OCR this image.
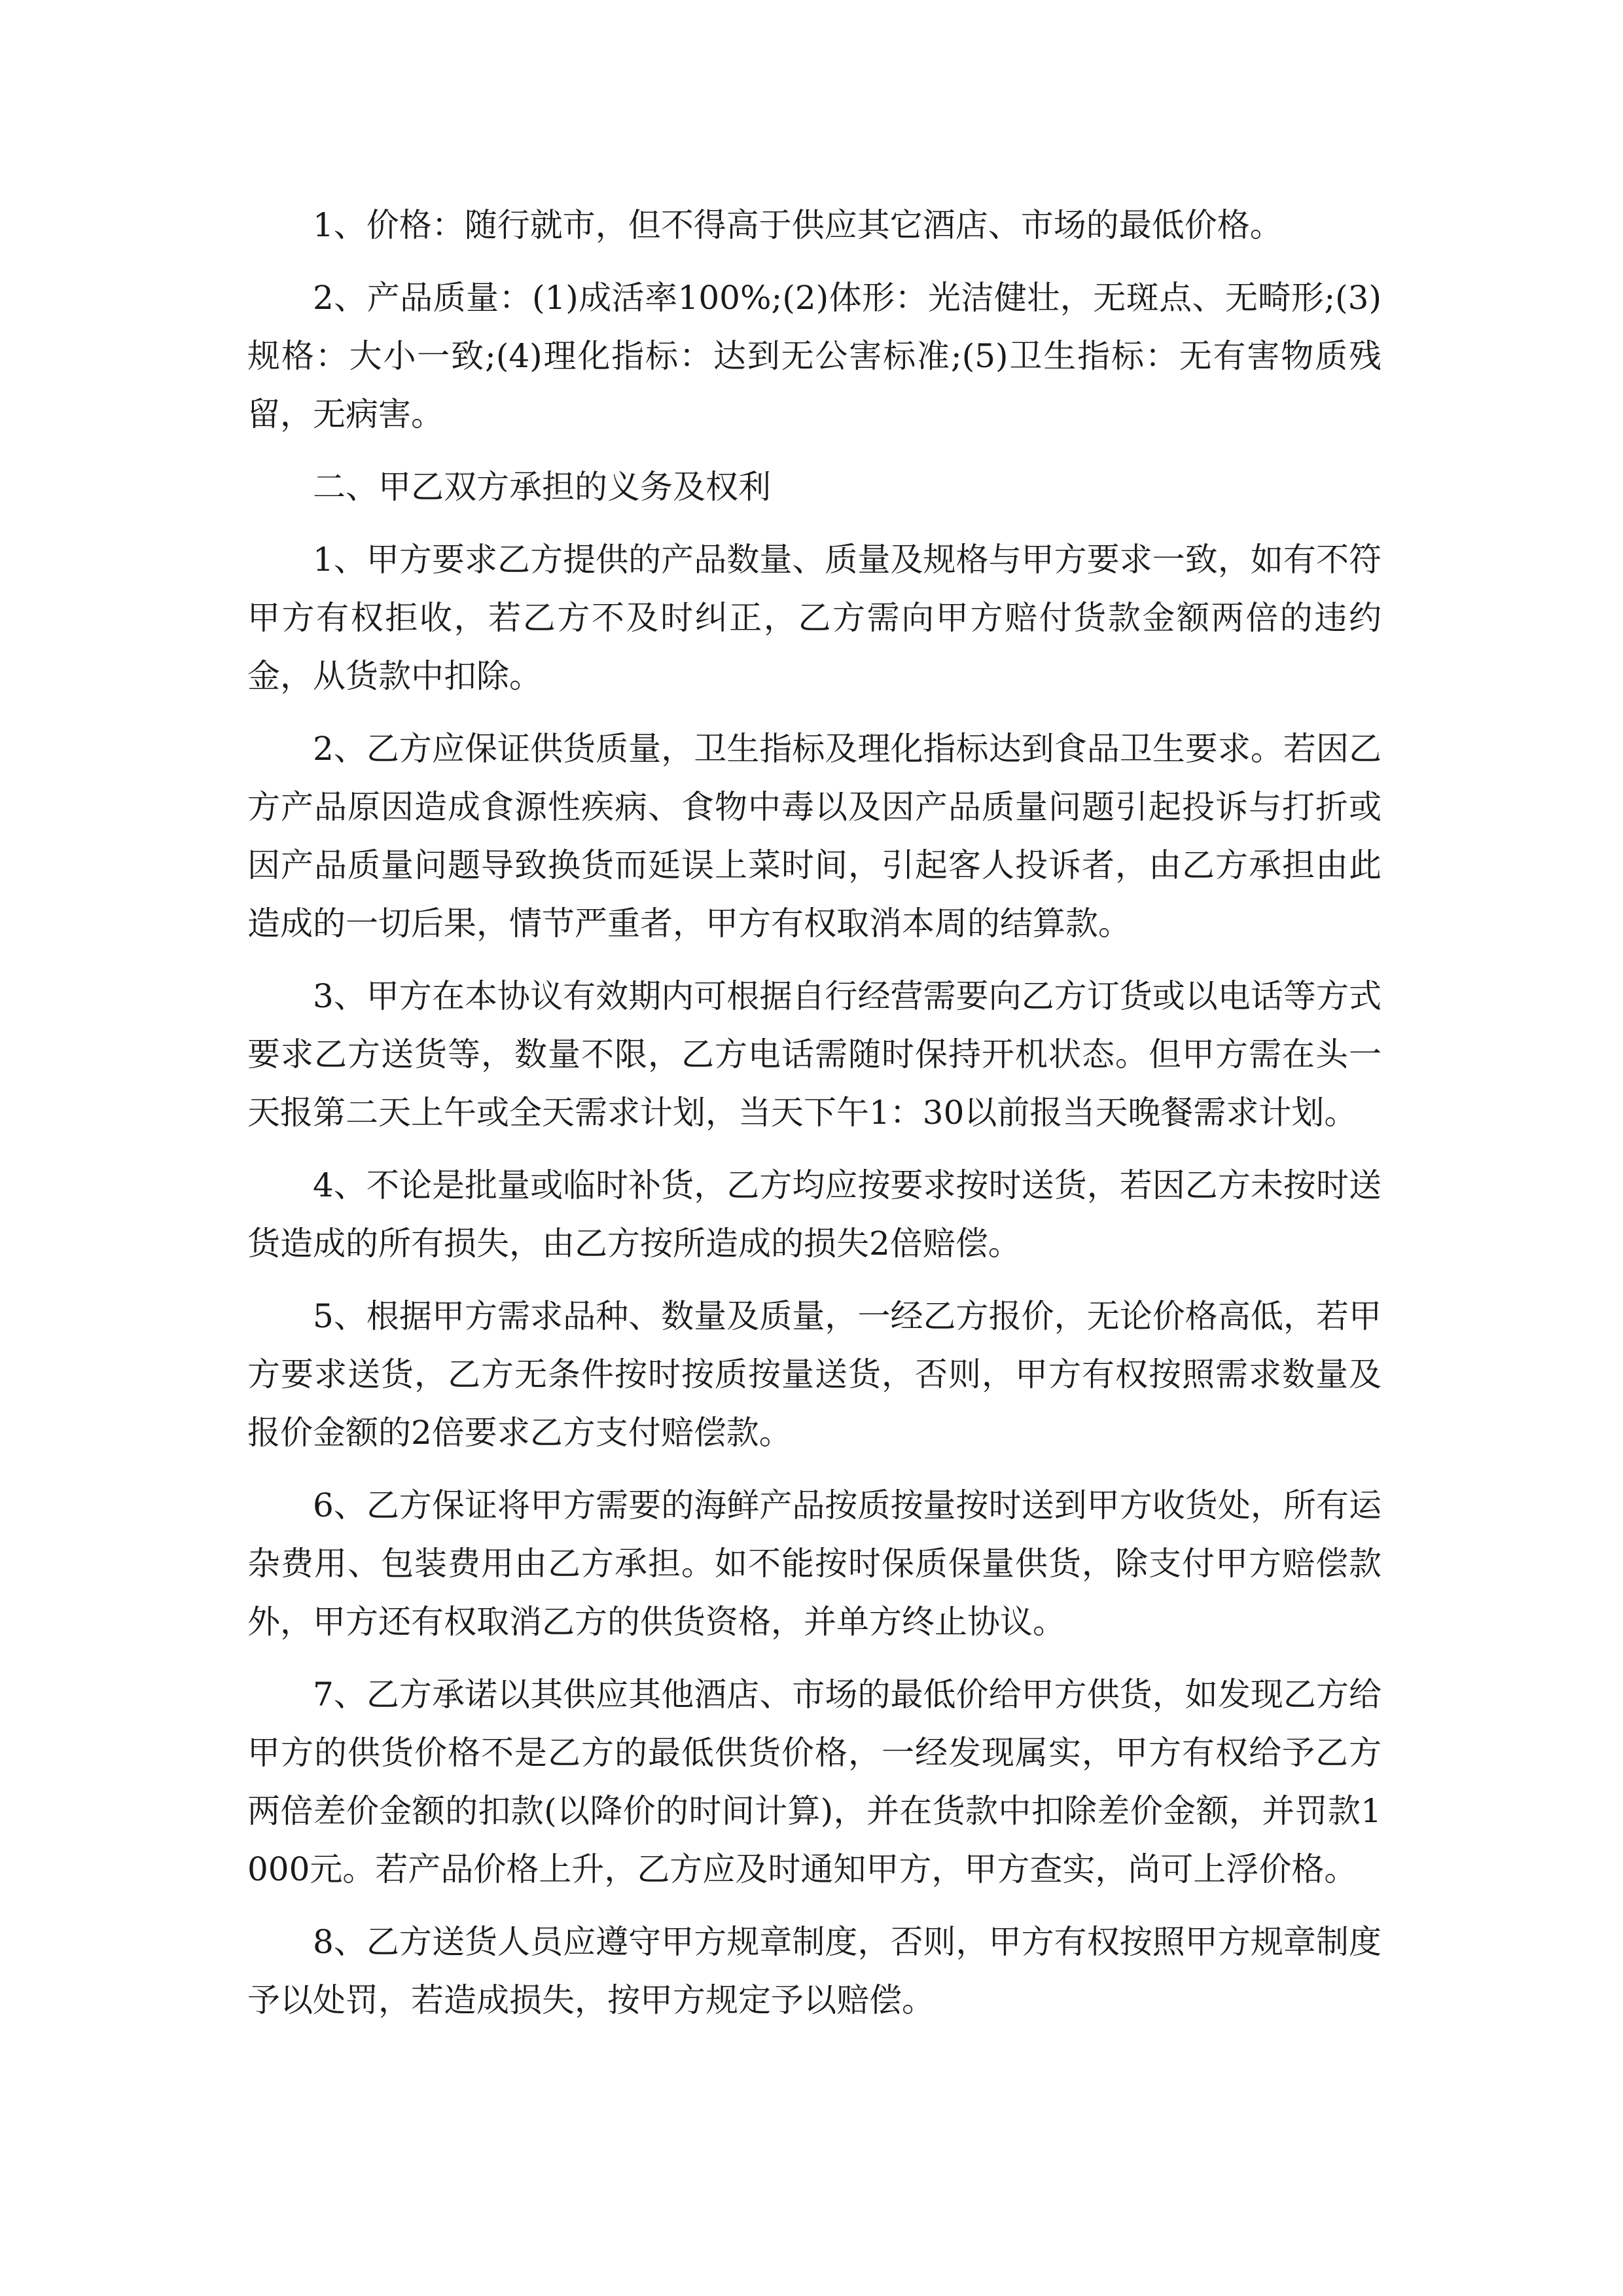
1、价格：随行就市，但不得高于供应其它酒店、市场的最低价格。

2、产品质量：(1)成活率100%;(2)体形：光洁健壮，无斑点、无畸形;(3)规格：大小一致;(4)理化指标：达到无公害标准;(5)卫生指标：无有害物质残留，无病害。

二、甲乙双方承担的义务及权利

1、甲方要求乙方提供的产品数量、质量及规格与甲方要求一致，如有不符甲方有权拒收，若乙方不及时纠正，乙方需向甲方赔付货款金额两倍的违约金，从货款中扣除。

2、乙方应保证供货质量，卫生指标及理化指标达到食品卫生要求。若因乙方产品原因造成食源性疾病、食物中毒以及因产品质量问题引起投诉与打折或因产品质量问题导致换货而延误上菜时间，引起客人投诉者，由乙方承担由此造成的一切后果，情节严重者，甲方有权取消本周的结算款。

3、甲方在本协议有效期内可根据自行经营需要向乙方订货或以电话等方式要求乙方送货等，数量不限，乙方电话需随时保持开机状态。但甲方需在头一天报第二天上午或全天需求计划，当天下午1：30以前报当天晚餐需求计划。

4、不论是批量或临时补货，乙方均应按要求按时送货，若因乙方未按时送货造成的所有损失，由乙方按所造成的损失2倍赔偿。

5、根据甲方需求品种、数量及质量，一经乙方报价，无论价格高低，若甲方要求送货，乙方无条件按时按质按量送货，否则，甲方有权按照需求数量及报价金额的2倍要求乙方支付赔偿款。

6、乙方保证将甲方需要的海鲜产品按质按量按时送到甲方收货处，所有运杂费用、包装费用由乙方承担。如不能按时保质保量供货，除支付甲方赔偿款外，甲方还有权取消乙方的供货资格，并单方终止协议。

7、乙方承诺以其供应其他酒店、市场的最低价给甲方供货，如发现乙方给甲方的供货价格不是乙方的最低供货价格，一经发现属实，甲方有权给予乙方两倍差价金额的扣款(以降价的时间计算)，并在货款中扣除差价金额，并罚款1000元。若产品价格上升，乙方应及时通知甲方，甲方查实，尚可上浮价格。

8、乙方送货人员应遵守甲方规章制度，否则，甲方有权按照甲方规章制度予以处罚，若造成损失，按甲方规定予以赔偿。
